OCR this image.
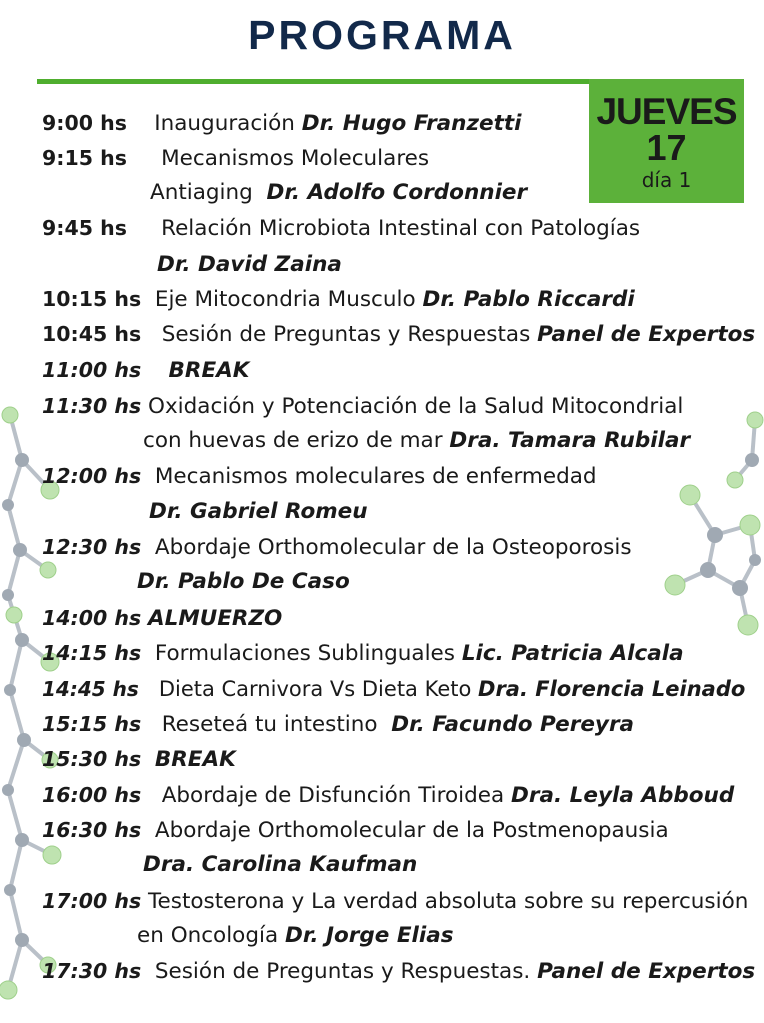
PROGRAMA
JUEVES
17
día 1
9:00 hs Inauguración Dr. Hugo Franzetti
9:15 hs Mecanismos Moleculares
Antiaging Dr. Adolfo Cordonnier
9:45 hs Relación Microbiota Intestinal con Patologías
Dr. David Zaina
10:15 hs Eje Mitocondria Musculo Dr. Pablo Riccardi
10:45 hs Sesión de Preguntas y Respuestas Panel de Expertos
11:00 hs BREAK
11:30 hs Oxidación y Potenciación de la Salud Mitocondrial
con huevas de erizo de mar Dra. Tamara Rubilar
12:00 hs Mecanismos moleculares de enfermedad
Dr. Gabriel Romeu
12:30 hs Abordaje Orthomolecular de la Osteoporosis
Dr. Pablo De Caso
14:00 hs ALMUERZO
14:15 hs Formulaciones Sublinguales Lic. Patricia Alcala
14:45 hs Dieta Carnivora Vs Dieta Keto Dra. Florencia Leinado
15:15 hs Reseteá tu intestino Dr. Facundo Pereyra
15:30 hs BREAK
16:00 hs Abordaje de Disfunción Tiroidea Dra. Leyla Abboud
16:30 hs Abordaje Orthomolecular de la Postmenopausia
Dra. Carolina Kaufman
17:00 hs Testosterona y La verdad absoluta sobre su repercusión
en Oncología Dr. Jorge Elias
17:30 hs Sesión de Preguntas y Respuestas. Panel de Expertos
